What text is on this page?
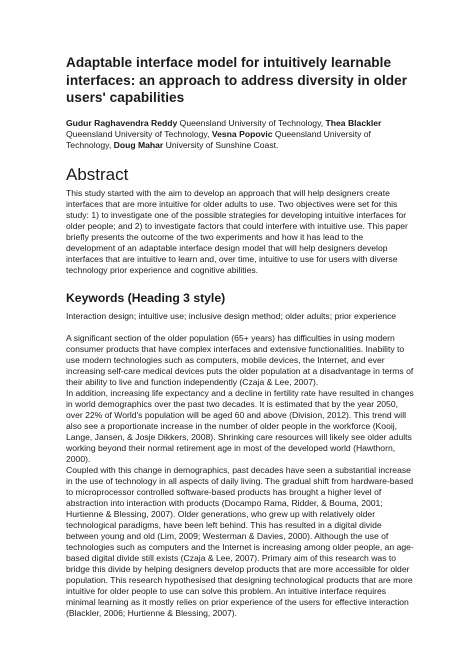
Adaptable interface model for intuitively learnable interfaces: an approach to address diversity in older users' capabilities
Gudur Raghavendra Reddy Queensland University of Technology, Thea Blackler Queensland University of Technology, Vesna Popovic Queensland University of Technology, Doug Mahar University of Sunshine Coast.
Abstract

This study started with the aim to develop an approach that will help designers create interfaces that are more intuitive for older adults to use. Two objectives were set for this study: 1) to investigate one of the possible strategies for developing intuitive interfaces for older people; and 2) to investigate factors that could interfere with intuitive use. This paper briefly presents the outcome of the two experiments and how it has lead to the development of an adaptable interface design model that will help designers develop interfaces that are intuitive to learn and, over time, intuitive to use for users with diverse technology prior experience and cognitive abilities.

Keywords (Heading 3 style)

Interaction design; intuitive use; inclusive design method; older adults; prior experience

A significant section of the older population (65+ years) has difficulties in using modern consumer products that have complex interfaces and extensive functionalities. Inability to use modern technologies such as computers, mobile devices, the Internet, and ever increasing self-care medical devices puts the older population at a disadvantage in terms of their ability to live and function independently (Czaja & Lee, 2007).

In addition, increasing life expectancy and a decline in fertility rate have resulted in changes in world demographics over the past two decades. It is estimated that by the year 2050, over 22% of World's population will be aged 60 and above (Division, 2012). This trend will also see a proportionate increase in the number of older people in the workforce (Kooij, Lange, Jansen, & Josje Dikkers, 2008). Shrinking care resources will likely see older adults working beyond their normal retirement age in most of the developed world (Hawthorn, 2000).

Coupled with this change in demographics, past decades have seen a substantial increase in the use of technology in all aspects of daily living. The gradual shift from hardware-based to microprocessor controlled software-based products has brought a higher level of abstraction into interaction with products (Docampo Rama, Ridder, & Bouma, 2001; Hurtienne & Blessing, 2007). Older generations, who grew up with relatively older technological paradigms, have been left behind. This has resulted in a digital divide between young and old (Lim, 2009; Westerman & Davies, 2000). Although the use of technologies such as computers and the Internet is increasing among older people, an age-based digital divide still exists (Czaja & Lee, 2007). Primary aim of this research was to bridge this divide by helping designers develop products that are more accessible for older population. This research hypothesised that designing technological products that are more intuitive for older people to use can solve this problem. An intuitive interface requires minimal learning as it mostly relies on prior experience of the users for effective interaction (Blackler, 2006; Hurtienne & Blessing, 2007).
